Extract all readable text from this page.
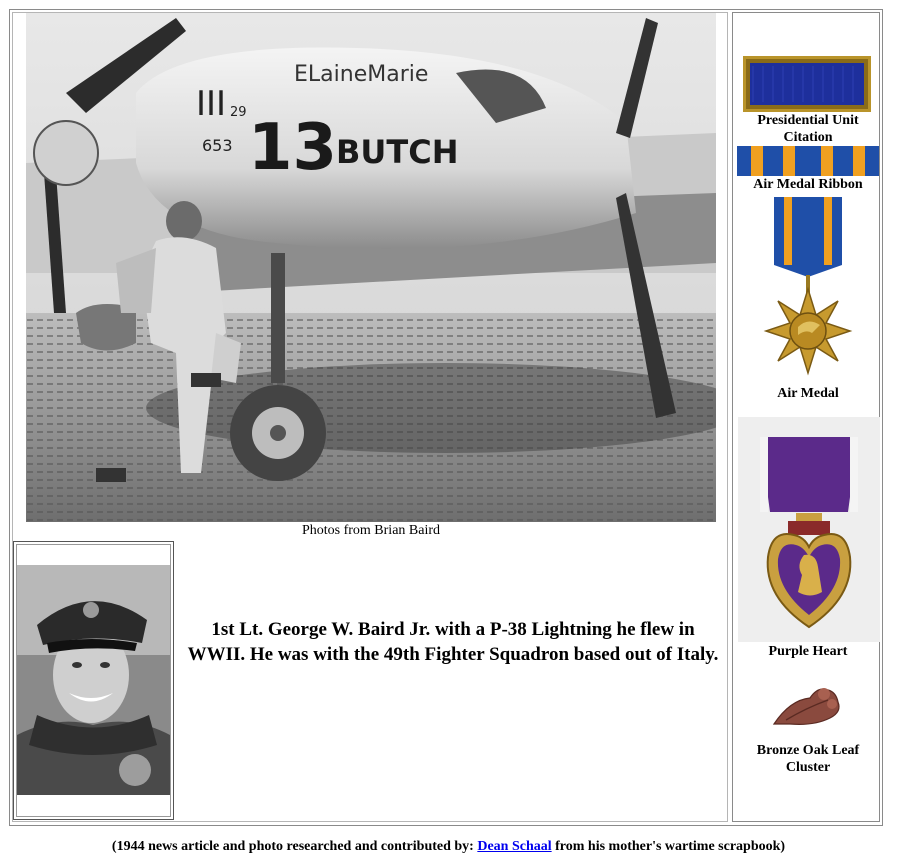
ELaineMarie
III 29
653 13
BUTCH
Photos from Brian Baird
1st Lt. George W. Baird Jr. with a P-38 Lightning he flew in WWII. He was with the 49th Fighter Squadron based out of Italy.
Presidential Unit Citation
Air Medal Ribbon
Air Medal
Purple Heart
Bronze Oak Leaf Cluster
(1944 news article and photo researched and contributed by: Dean Schaal from his mother's wartime scrapbook)
